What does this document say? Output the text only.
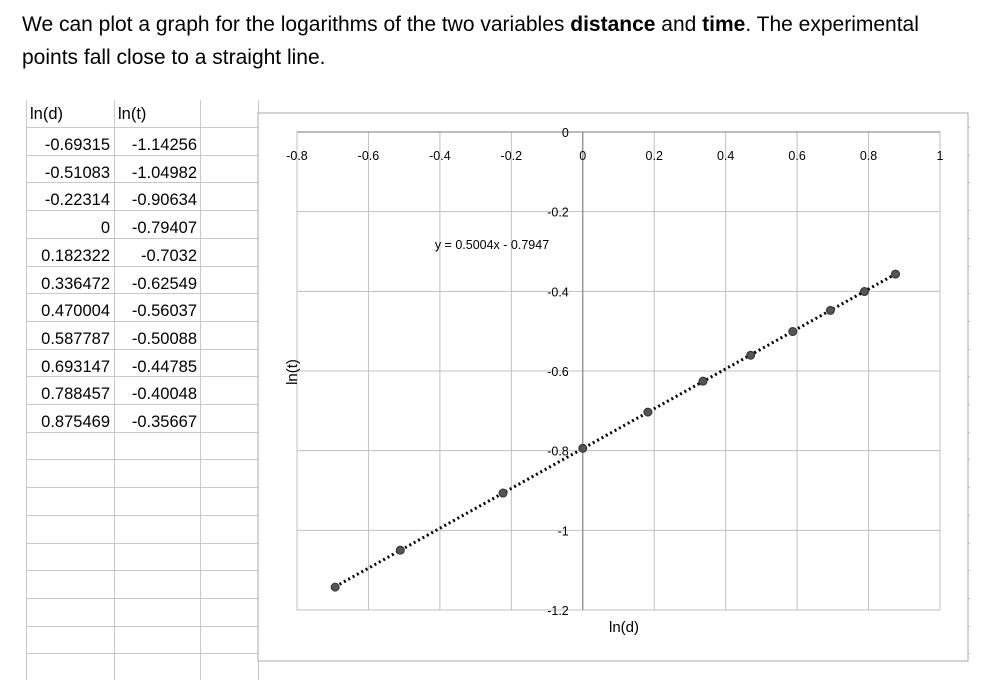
We can plot a graph for the logarithms of the two variables distance and time. The experimental points fall close to a straight line.

ln(d)	ln(t)
-0.69315 -1.14256
-0.51083 -1.04982
-0.22314 -0.90634
0 -0.79407
0.182322 -0.7032
0.336472 -0.62549
0.470004 -0.56037
0.587787 -0.50088
0.693147 -0.44785
0.788457 -0.40048
0.875469 -0.35667
-0.8	-0.6	-0.4	-0.2	0	0.2	0.4	0.6	0.8	1
0
-0.2
-0.4
-0.6
-0.8
-1
-1.2
ln(d)
ln(t)
y = 0.5004x - 0.7947
